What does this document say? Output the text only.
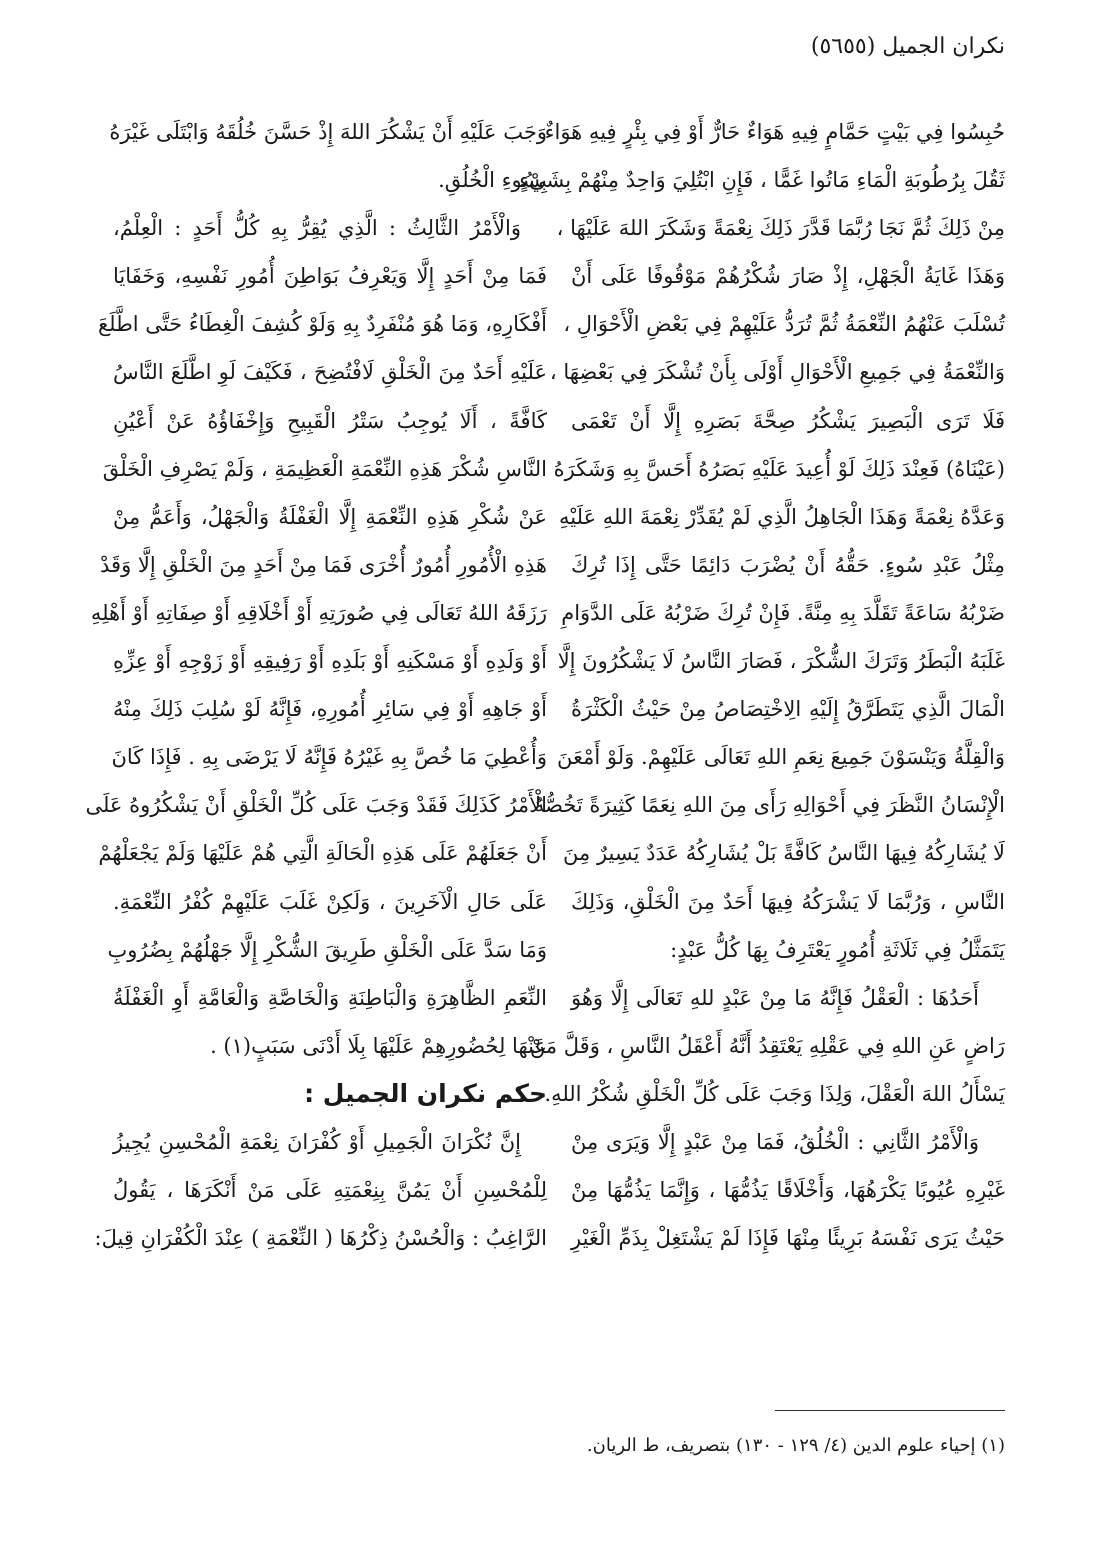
نكران الجميل (٥٦٥٥)
حُبِسُوا فِي بَيْتٍ حَمَّامٍ فِيهِ هَوَاءٌ حَارٌّ أَوْ فِي بِئْرٍ فِيهِ هَوَاءٌ
ثَقُلَ بِرُطُوبَةِ الْمَاءِ مَاتُوا غَمًّا ، فَإِنِ ابْتُلِيَ وَاحِدٌ مِنْهُمْ بِشَيْءٍ
مِنْ ذَلِكَ ثُمَّ نَجَا رُبَّمَا قَدَّرَ ذَلِكَ نِعْمَةً وَشَكَرَ اللهَ عَلَيْهَا ،
وَهَذَا غَايَةُ الْجَهْلِ، إِذْ صَارَ شُكْرُهُمْ مَوْقُوفًا عَلَى أَنْ
تُسْلَبَ عَنْهُمُ النِّعْمَةُ ثُمَّ تُرَدُّ عَلَيْهِمْ فِي بَعْضِ الْأَحْوَالِ ،
وَالنِّعْمَةُ فِي جَمِيعِ الْأَحْوَالِ أَوْلَى بِأَنْ تُشْكَرَ فِي بَعْضِهَا ،
فَلَا تَرَى الْبَصِيرَ يَشْكُرُ صِحَّةَ بَصَرِهِ إِلَّا أَنْ تَعْمَى
(عَيْنَاهُ) فَعِنْدَ ذَلِكَ لَوْ أُعِيدَ عَلَيْهِ بَصَرُهُ أَحَسَّ بِهِ وَشَكَرَهُ
وَعَدَّهُ نِعْمَةً وَهَذَا الْجَاهِلُ الَّذِي لَمْ يُقَدِّرْ نِعْمَةَ اللهِ عَلَيْهِ
مِثْلُ عَبْدِ سُوءٍ. حَقُّهُ أَنْ يُضْرَبَ دَائِمًا حَتَّى إِذَا تُرِكَ
ضَرْبُهُ سَاعَةً تَقَلَّدَ بِهِ مِنَّةً. فَإِنْ تُرِكَ ضَرْبُهُ عَلَى الدَّوَامِ
غَلَبَهُ الْبَطَرُ وَتَرَكَ الشُّكْرَ ، فَصَارَ النَّاسُ لَا يَشْكُرُونَ إِلَّا
الْمَالَ الَّذِي يَتَطَرَّقُ إِلَيْهِ الِاخْتِصَاصُ مِنْ حَيْثُ الْكَثْرَةُ
وَالْقِلَّةُ وَيَنْسَوْنَ جَمِيعَ نِعَمِ اللهِ تَعَالَى عَلَيْهِمْ. وَلَوْ أَمْعَنَ
الْإِنْسَانُ النَّظَرَ فِي أَحْوَالِهِ رَأَى مِنَ اللهِ نِعَمًا كَثِيرَةً تَخُصُّهُ
لَا يُشَارِكُهُ فِيهَا النَّاسُ كَافَّةً بَلْ يُشَارِكُهُ عَدَدٌ يَسِيرٌ مِنَ
النَّاسِ ، وَرُبَّمَا لَا يَشْرَكُهُ فِيهَا أَحَدٌ مِنَ الْخَلْقِ، وَذَلِكَ
يَتَمَثَّلُ فِي ثَلَاثَةِ أُمُورٍ يَعْتَرِفُ بِهَا كُلُّ عَبْدٍ:
أَحَدُهَا : الْعَقْلُ فَإِنَّهُ مَا مِنْ عَبْدٍ للهِ تَعَالَى إِلَّا وَهُوَ
رَاضٍ عَنِ اللهِ فِي عَقْلِهِ يَعْتَقِدُ أَنَّهُ أَعْقَلُ النَّاسِ ، وَقَلَّ مَنْ
يَسْأَلُ اللهَ الْعَقْلَ، وَلِذَا وَجَبَ عَلَى كُلِّ الْخَلْقِ شُكْرُ اللهِ.
وَالْأَمْرُ الثَّانِي : الْخُلُقُ، فَمَا مِنْ عَبْدٍ إِلَّا وَيَرَى مِنْ
غَيْرِهِ عُيُوبًا يَكْرَهُهَا، وَأَخْلَاقًا يَذُمُّهَا ، وَإِنَّمَا يَذُمُّهَا مِنْ
حَيْثُ يَرَى نَفْسَهُ بَرِيئًا مِنْهَا فَإِذَا لَمْ يَشْتَغِلْ بِذَمِّ الْغَيْرِ
وَجَبَ عَلَيْهِ أَنْ يَشْكُرَ اللهَ إِذْ حَسَّنَ خُلُقَهُ وَابْتَلَى غَيْرَهُ
بِسُوءِ الْخُلُقِ.
وَالْأَمْرُ الثَّالِثُ : الَّذِي يُقِرُّ بِهِ كُلُّ أَحَدٍ : الْعِلْمُ،
فَمَا مِنْ أَحَدٍ إِلَّا وَيَعْرِفُ بَوَاطِنَ أُمُورِ نَفْسِهِ، وَخَفَايَا
أَفْكَارِهِ، وَمَا هُوَ مُنْفَرِدٌ بِهِ وَلَوْ كُشِفَ الْغِطَاءُ حَتَّى اطَّلَعَ
عَلَيْهِ أَحَدٌ مِنَ الْخَلْقِ لَافْتُضِحَ ، فَكَيْفَ لَوِ اطَّلَعَ النَّاسُ
كَافَّةً ، أَلَا يُوجِبُ سَتْرُ الْقَبِيحِ وَإِخْفَاؤُهُ عَنْ أَعْيُنِ
النَّاسِ شُكْرَ هَذِهِ النِّعْمَةِ الْعَظِيمَةِ ، وَلَمْ يَصْرِفِ الْخَلْقَ
عَنْ شُكْرِ هَذِهِ النِّعْمَةِ إِلَّا الْغَفْلَةُ وَالْجَهْلُ، وَأَعَمُّ مِنْ
هَذِهِ الْأُمُورِ أُمُورٌ أُخْرَى فَمَا مِنْ أَحَدٍ مِنَ الْخَلْقِ إِلَّا وَقَدْ
رَزَقَهُ اللهُ تَعَالَى فِي صُورَتِهِ أَوْ أَخْلَاقِهِ أَوْ صِفَاتِهِ أَوْ أَهْلِهِ
أَوْ وَلَدِهِ أَوْ مَسْكَنِهِ أَوْ بَلَدِهِ أَوْ رَفِيقِهِ أَوْ زَوْجِهِ أَوْ عِزِّهِ
أَوْ جَاهِهِ أَوْ فِي سَائِرِ أُمُورِهِ، فَإِنَّهُ لَوْ سُلِبَ ذَلِكَ مِنْهُ
وَأُعْطِيَ مَا خُصَّ بِهِ غَيْرُهُ فَإِنَّهُ لَا يَرْضَى بِهِ . فَإِذَا كَانَ
الْأَمْرُ كَذَلِكَ فَقَدْ وَجَبَ عَلَى كُلِّ الْخَلْقِ أَنْ يَشْكُرُوهُ عَلَى
أَنْ جَعَلَهُمْ عَلَى هَذِهِ الْحَالَةِ الَّتِي هُمْ عَلَيْهَا وَلَمْ يَجْعَلْهُمْ
عَلَى حَالِ الْآخَرِينَ ، وَلَكِنْ غَلَبَ عَلَيْهِمْ كُفْرُ النِّعْمَةِ.
وَمَا سَدَّ عَلَى الْخَلْقِ طَرِيقَ الشُّكْرِ إِلَّا جَهْلُهُمْ بِضُرُوبِ
النِّعَمِ الظَّاهِرَةِ وَالْبَاطِنَةِ وَالْخَاصَّةِ وَالْعَامَّةِ أَوِ الْغَفْلَةُ
عَنْهَا لِحُضُورِهِمْ عَلَيْهَا بِلَا أَدْنَى سَبَبٍ(١) .
حكم نكران الجميل :
إِنَّ نُكْرَانَ الْجَمِيلِ أَوْ كُفْرَانَ نِعْمَةِ الْمُحْسِنِ يُجِيزُ
لِلْمُحْسِنِ أَنْ يَمُنَّ بِنِعْمَتِهِ عَلَى مَنْ أَنْكَرَهَا ، يَقُولُ
الرَّاغِبُ : وَالْحُسْنُ ذِكْرُهَا ( النِّعْمَةِ ) عِنْدَ الْكُفْرَانِ قِيلَ:
(١) إحياء علوم الدين (٤/ ١٢٩ - ١٣٠) بتصريف، ط الريان.
